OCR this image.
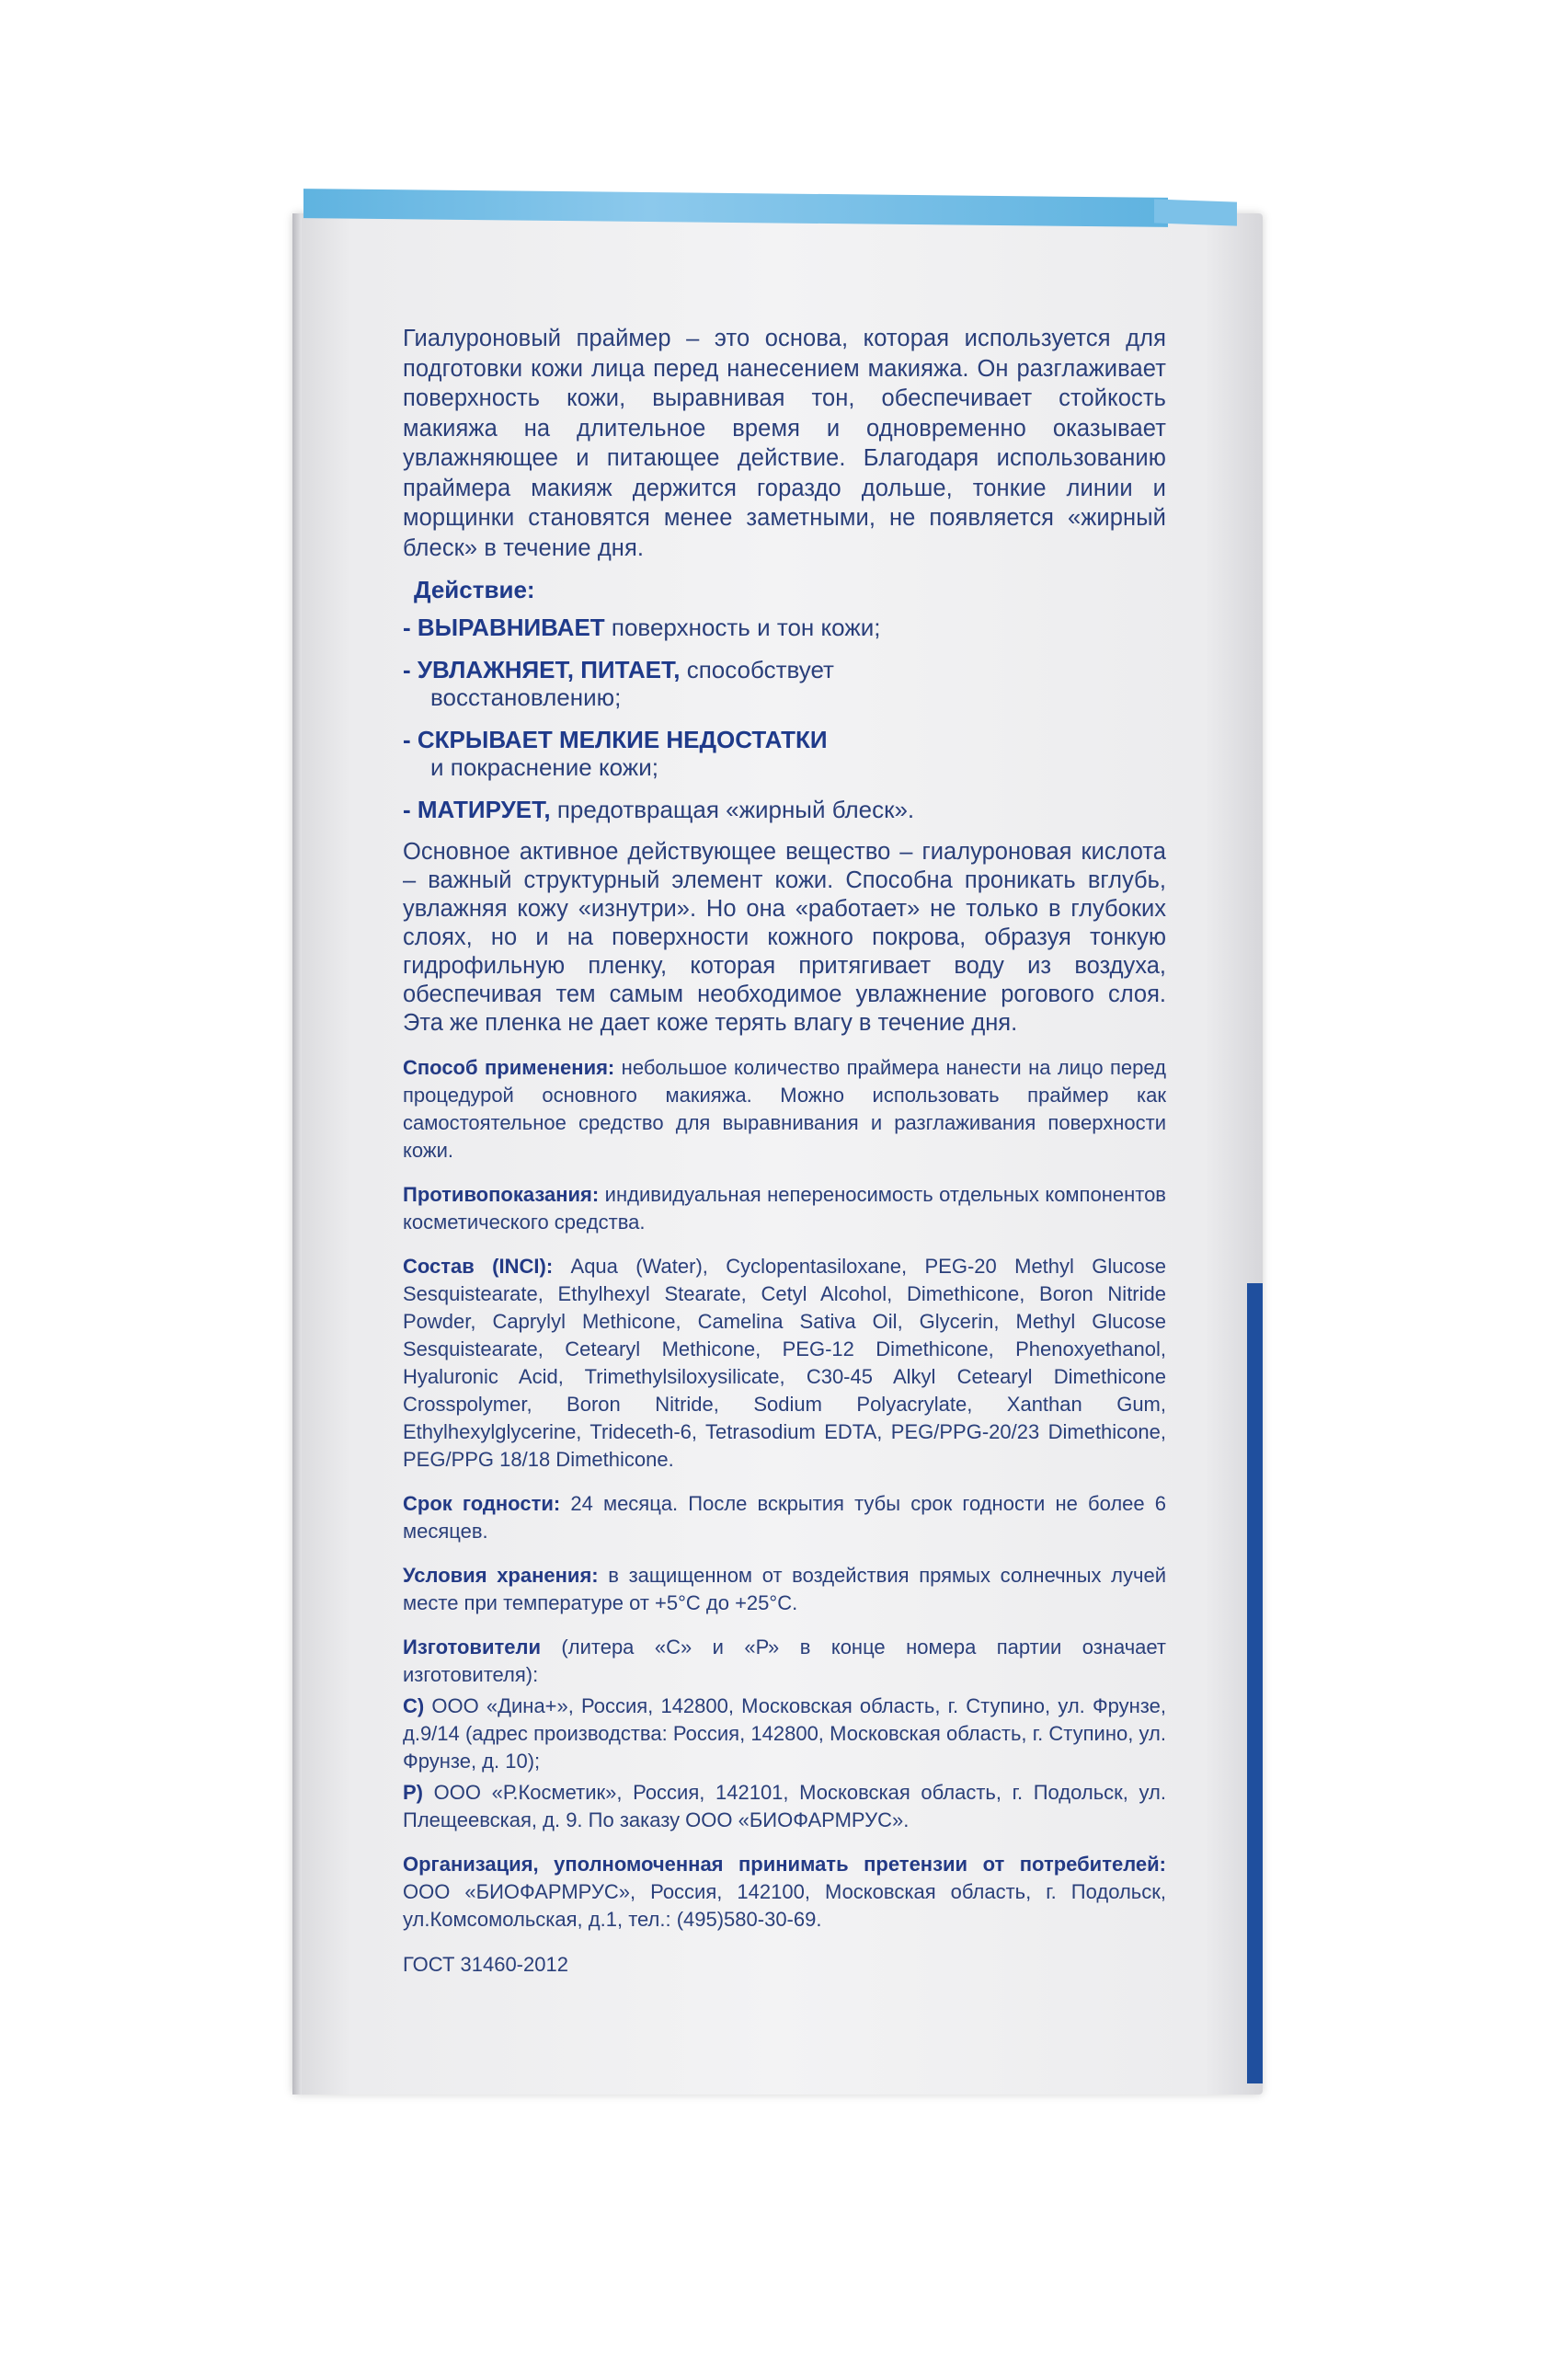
Гиалуроновый праймер – это основа, которая используется для подготовки кожи лица перед нанесением макияжа. Он разглаживает поверхность кожи, выравнивая тон, обеспечивает стойкость макияжа на длительное время и одновременно оказывает увлажняющее и питающее действие. Благодаря использованию праймера макияж держится гораздо дольше, тонкие линии и морщинки становятся менее заметными, не появляется «жирный блеск» в течение дня.

Действие:
- ВЫРАВНИВАЕТ поверхность и тон кожи;
- УВЛАЖНЯЕТ, ПИТАЕТ, способствует
восстановлению;
- СКРЫВАЕТ МЕЛКИЕ НЕДОСТАТКИ
и покраснение кожи;
- МАТИРУЕТ, предотвращая «жирный блеск».

Основное активное действующее вещество – гиалуроновая кислота – важный структурный элемент кожи. Способна проникать вглубь, увлажняя кожу «изнутри». Но она «работает» не только в глубоких слоях, но и на поверхности кожного покрова, образуя тонкую гидрофильную пленку, которая притягивает воду из воздуха, обеспечивая тем самым необходимое увлажнение рогового слоя. Эта же пленка не дает коже терять влагу в течение дня.

Способ применения: небольшое количество праймера нанести на лицо перед процедурой основного макияжа. Можно использовать праймер как самостоятельное средство для выравнивания и разглаживания поверхности кожи.

Противопоказания: индивидуальная непереносимость отдельных компонентов косметического средства.

Состав (INCI): Aqua (Water), Cyclopentasiloxane, PEG-20 Methyl Glucose Sesquistearate, Ethylhexyl Stearate, Cetyl Alcohol, Dimethicone, Boron Nitride Powder, Caprylyl Methicone, Camelina Sativa Oil, Glycerin, Methyl Glucose Sesquistearate, Cetearyl Methicone, PEG-12 Dimethicone, Phenoxyethanol, Hyaluronic Acid, Trimethylsiloxysilicate, C30-45 Alkyl Cetearyl Dimethicone Crosspolymer, Boron Nitride, Sodium Polyacrylate, Xanthan Gum, Ethylhexylglycerine, Trideceth-6, Tetrasodium EDTA, PEG/PPG-20/23 Dimethicone, PEG/PPG 18/18 Dimethicone.

Срок годности: 24 месяца. После вскрытия тубы срок годности не более 6 месяцев.

Условия хранения: в защищенном от воздействия прямых солнечных лучей месте при температуре от +5°С до +25°С.

Изготовители (литера «С» и «Р» в конце номера партии означает изготовителя):

С) ООО «Дина+», Россия, 142800, Московская область, г. Ступино, ул. Фрунзе, д.9/14 (адрес производства: Россия, 142800, Московская область, г. Ступино, ул. Фрунзе, д. 10);

Р) ООО «Р.Косметик», Россия, 142101, Московская область, г. Подольск, ул. Плещеевская, д. 9. По заказу ООО «БИОФАРМРУС».

Организация, уполномоченная принимать претензии от потребителей: ООО «БИОФАРМРУС», Россия, 142100, Московская область, г. Подольск, ул.Комсомольская, д.1, тел.: (495)580-30-69.

ГОСТ 31460-2012
